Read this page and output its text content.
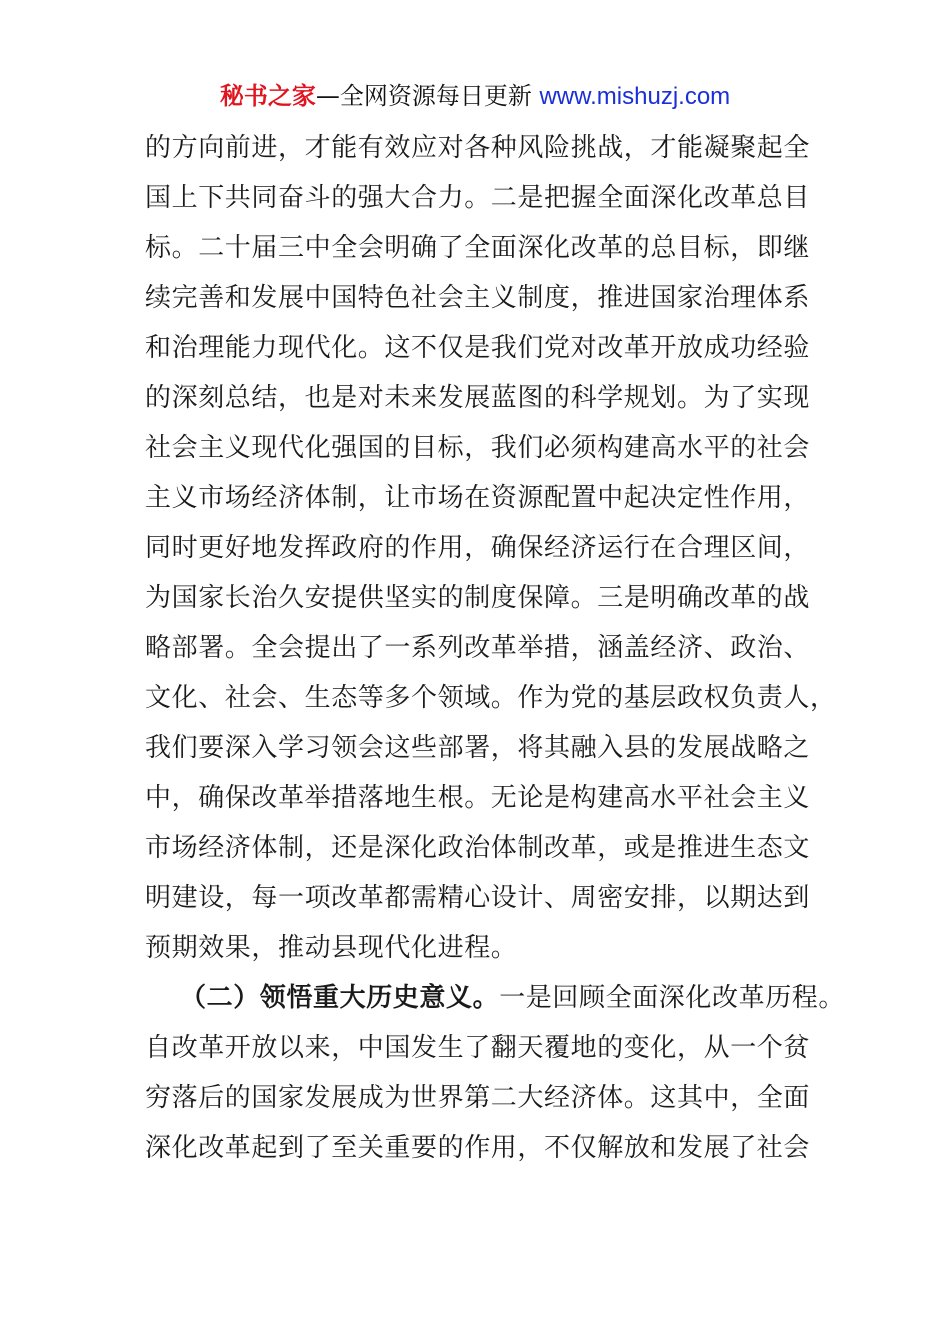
秘书之家—全网资源每日更新 www.mishuzj.com
的方向前进，才能有效应对各种风险挑战，才能凝聚起全
国上下共同奋斗的强大合力。二是把握全面深化改革总目
标。二十届三中全会明确了全面深化改革的总目标，即继
续完善和发展中国特色社会主义制度，推进国家治理体系
和治理能力现代化。这不仅是我们党对改革开放成功经验
的深刻总结，也是对未来发展蓝图的科学规划。为了实现
社会主义现代化强国的目标，我们必须构建高水平的社会
主义市场经济体制，让市场在资源配置中起决定性作用，
同时更好地发挥政府的作用，确保经济运行在合理区间，
为国家长治久安提供坚实的制度保障。三是明确改革的战
略部署。全会提出了一系列改革举措，涵盖经济、政治、
文化、社会、生态等多个领域。作为党的基层政权负责人，
我们要深入学习领会这些部署，将其融入县的发展战略之
中，确保改革举措落地生根。无论是构建高水平社会主义
市场经济体制，还是深化政治体制改革，或是推进生态文
明建设，每一项改革都需精心设计、周密安排，以期达到
预期效果，推动县现代化进程。
（二）领悟重大历史意义。一是回顾全面深化改革历程。
自改革开放以来，中国发生了翻天覆地的变化，从一个贫
穷落后的国家发展成为世界第二大经济体。这其中，全面
深化改革起到了至关重要的作用，不仅解放和发展了社会
